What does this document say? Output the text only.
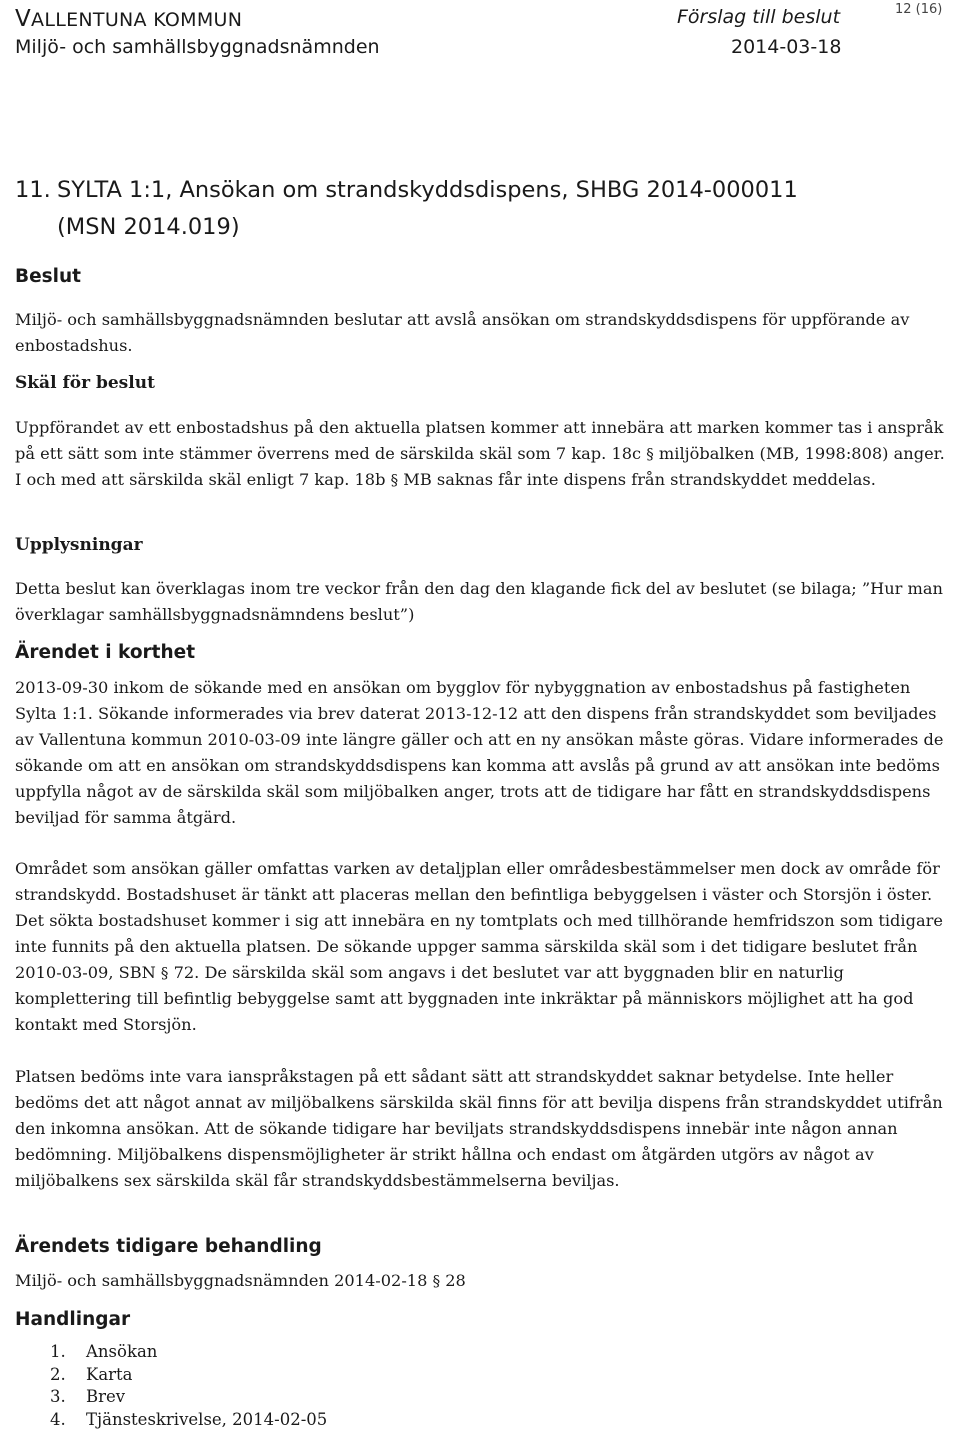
VALLENTUNA KOMMUN
Miljö- och samhällsbyggnadsnämnden
Förslag till beslut
2014-03-18
12 (16)
11. SYLTA 1:1, Ansökan om strandskyddsdispens, SHBG 2014-000011
(MSN 2014.019)
Beslut
Miljö- och samhällsbyggnadsnämnden beslutar att avslå ansökan om strandskyddsdispens för uppförande av enbostadshus.
Skäl för beslut
Uppförandet av ett enbostadshus på den aktuella platsen kommer att innebära att marken kommer tas i anspråk på ett sätt som inte stämmer överrens med de särskilda skäl som 7 kap. 18c § miljöbalken (MB, 1998:808) anger. I och med att särskilda skäl enligt 7 kap. 18b § MB saknas får inte dispens från strandskyddet meddelas.
Upplysningar
Detta beslut kan överklagas inom tre veckor från den dag den klagande fick del av beslutet (se bilaga; ”Hur man överklagar samhällsbyggnadsnämndens beslut”)
Ärendet i korthet
2013-09-30 inkom de sökande med en ansökan om bygglov för nybyggnation av enbostadshus på fastigheten Sylta 1:1. Sökande informerades via brev daterat 2013-12-12 att den dispens från strandskyddet som beviljades av Vallentuna kommun 2010-03-09 inte längre gäller och att en ny ansökan måste göras. Vidare informerades de sökande om att en ansökan om strandskyddsdispens kan komma att avslås på grund av att ansökan inte bedöms uppfylla något av de särskilda skäl som miljöbalken anger, trots att de tidigare har fått en strandskyddsdispens beviljad för samma åtgärd.
Området som ansökan gäller omfattas varken av detaljplan eller områdesbestämmelser men dock av område för strandskydd. Bostadshuset är tänkt att placeras mellan den befintliga bebyggelsen i väster och Storsjön i öster. Det sökta bostadshuset kommer i sig att innebära en ny tomtplats och med tillhörande hemfridszon som tidigare inte funnits på den aktuella platsen. De sökande uppger samma särskilda skäl som i det tidigare beslutet från 2010-03-09, SBN § 72. De särskilda skäl som angavs i det beslutet var att byggnaden blir en naturlig komplettering till befintlig bebyggelse samt att byggnaden inte inkräktar på människors möjlighet att ha god kontakt med Storsjön.
Platsen bedöms inte vara ianspråkstagen på ett sådant sätt att strandskyddet saknar betydelse. Inte heller bedöms det att något annat av miljöbalkens särskilda skäl finns för att bevilja dispens från strandskyddet utifrån den inkomna ansökan. Att de sökande tidigare har beviljats strandskyddsdispens innebär inte någon annan bedömning. Miljöbalkens dispensmöjligheter är strikt hållna och endast om åtgärden utgörs av något av miljöbalkens sex särskilda skäl får strandskyddsbestämmelserna beviljas.
Ärendets tidigare behandling
Miljö- och samhällsbyggnadsnämnden 2014-02-18 § 28
Handlingar
1.	Ansökan
2.	Karta
3.	Brev
4.	Tjänsteskrivelse, 2014-02-05
